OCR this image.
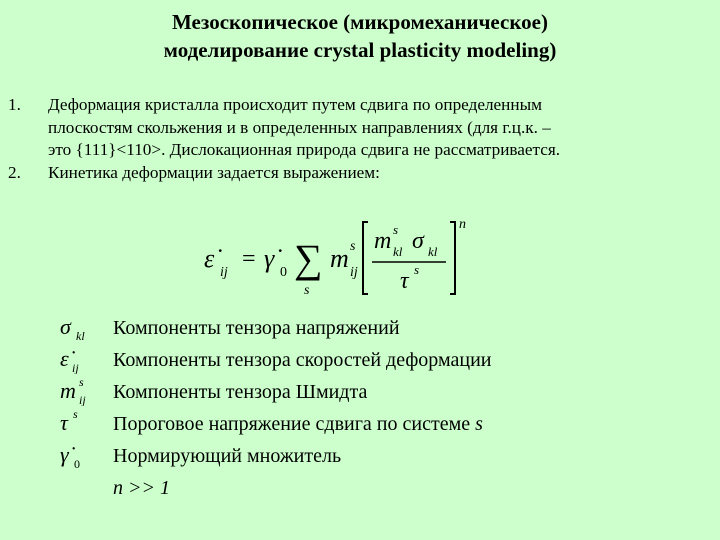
Мезоскопическое (микромеханическое)
моделирование crystal plasticity modeling)
1.	Деформация кристалла происходит путем сдвига по определенным
плоскостям скольжения и в определенных направлениях (для г.ц.к. –
это {111}<110>. Дислокационная природа сдвига не рассматривается.
2.	Кинетика деформации задается выражением:
ε̇ ij
= γ̇ 0 ∑
s
m s
ij
m s
kl σ kl
τ s
n
σ kl Компоненты тензора напряжений
ε̇ ij Компоненты тензора скоростей деформации
m s
ij Компоненты тензора Шмидта
τ s Пороговое напряжение сдвига по системе s
γ̇ 0 Нормирующий множитель
n >> 1
